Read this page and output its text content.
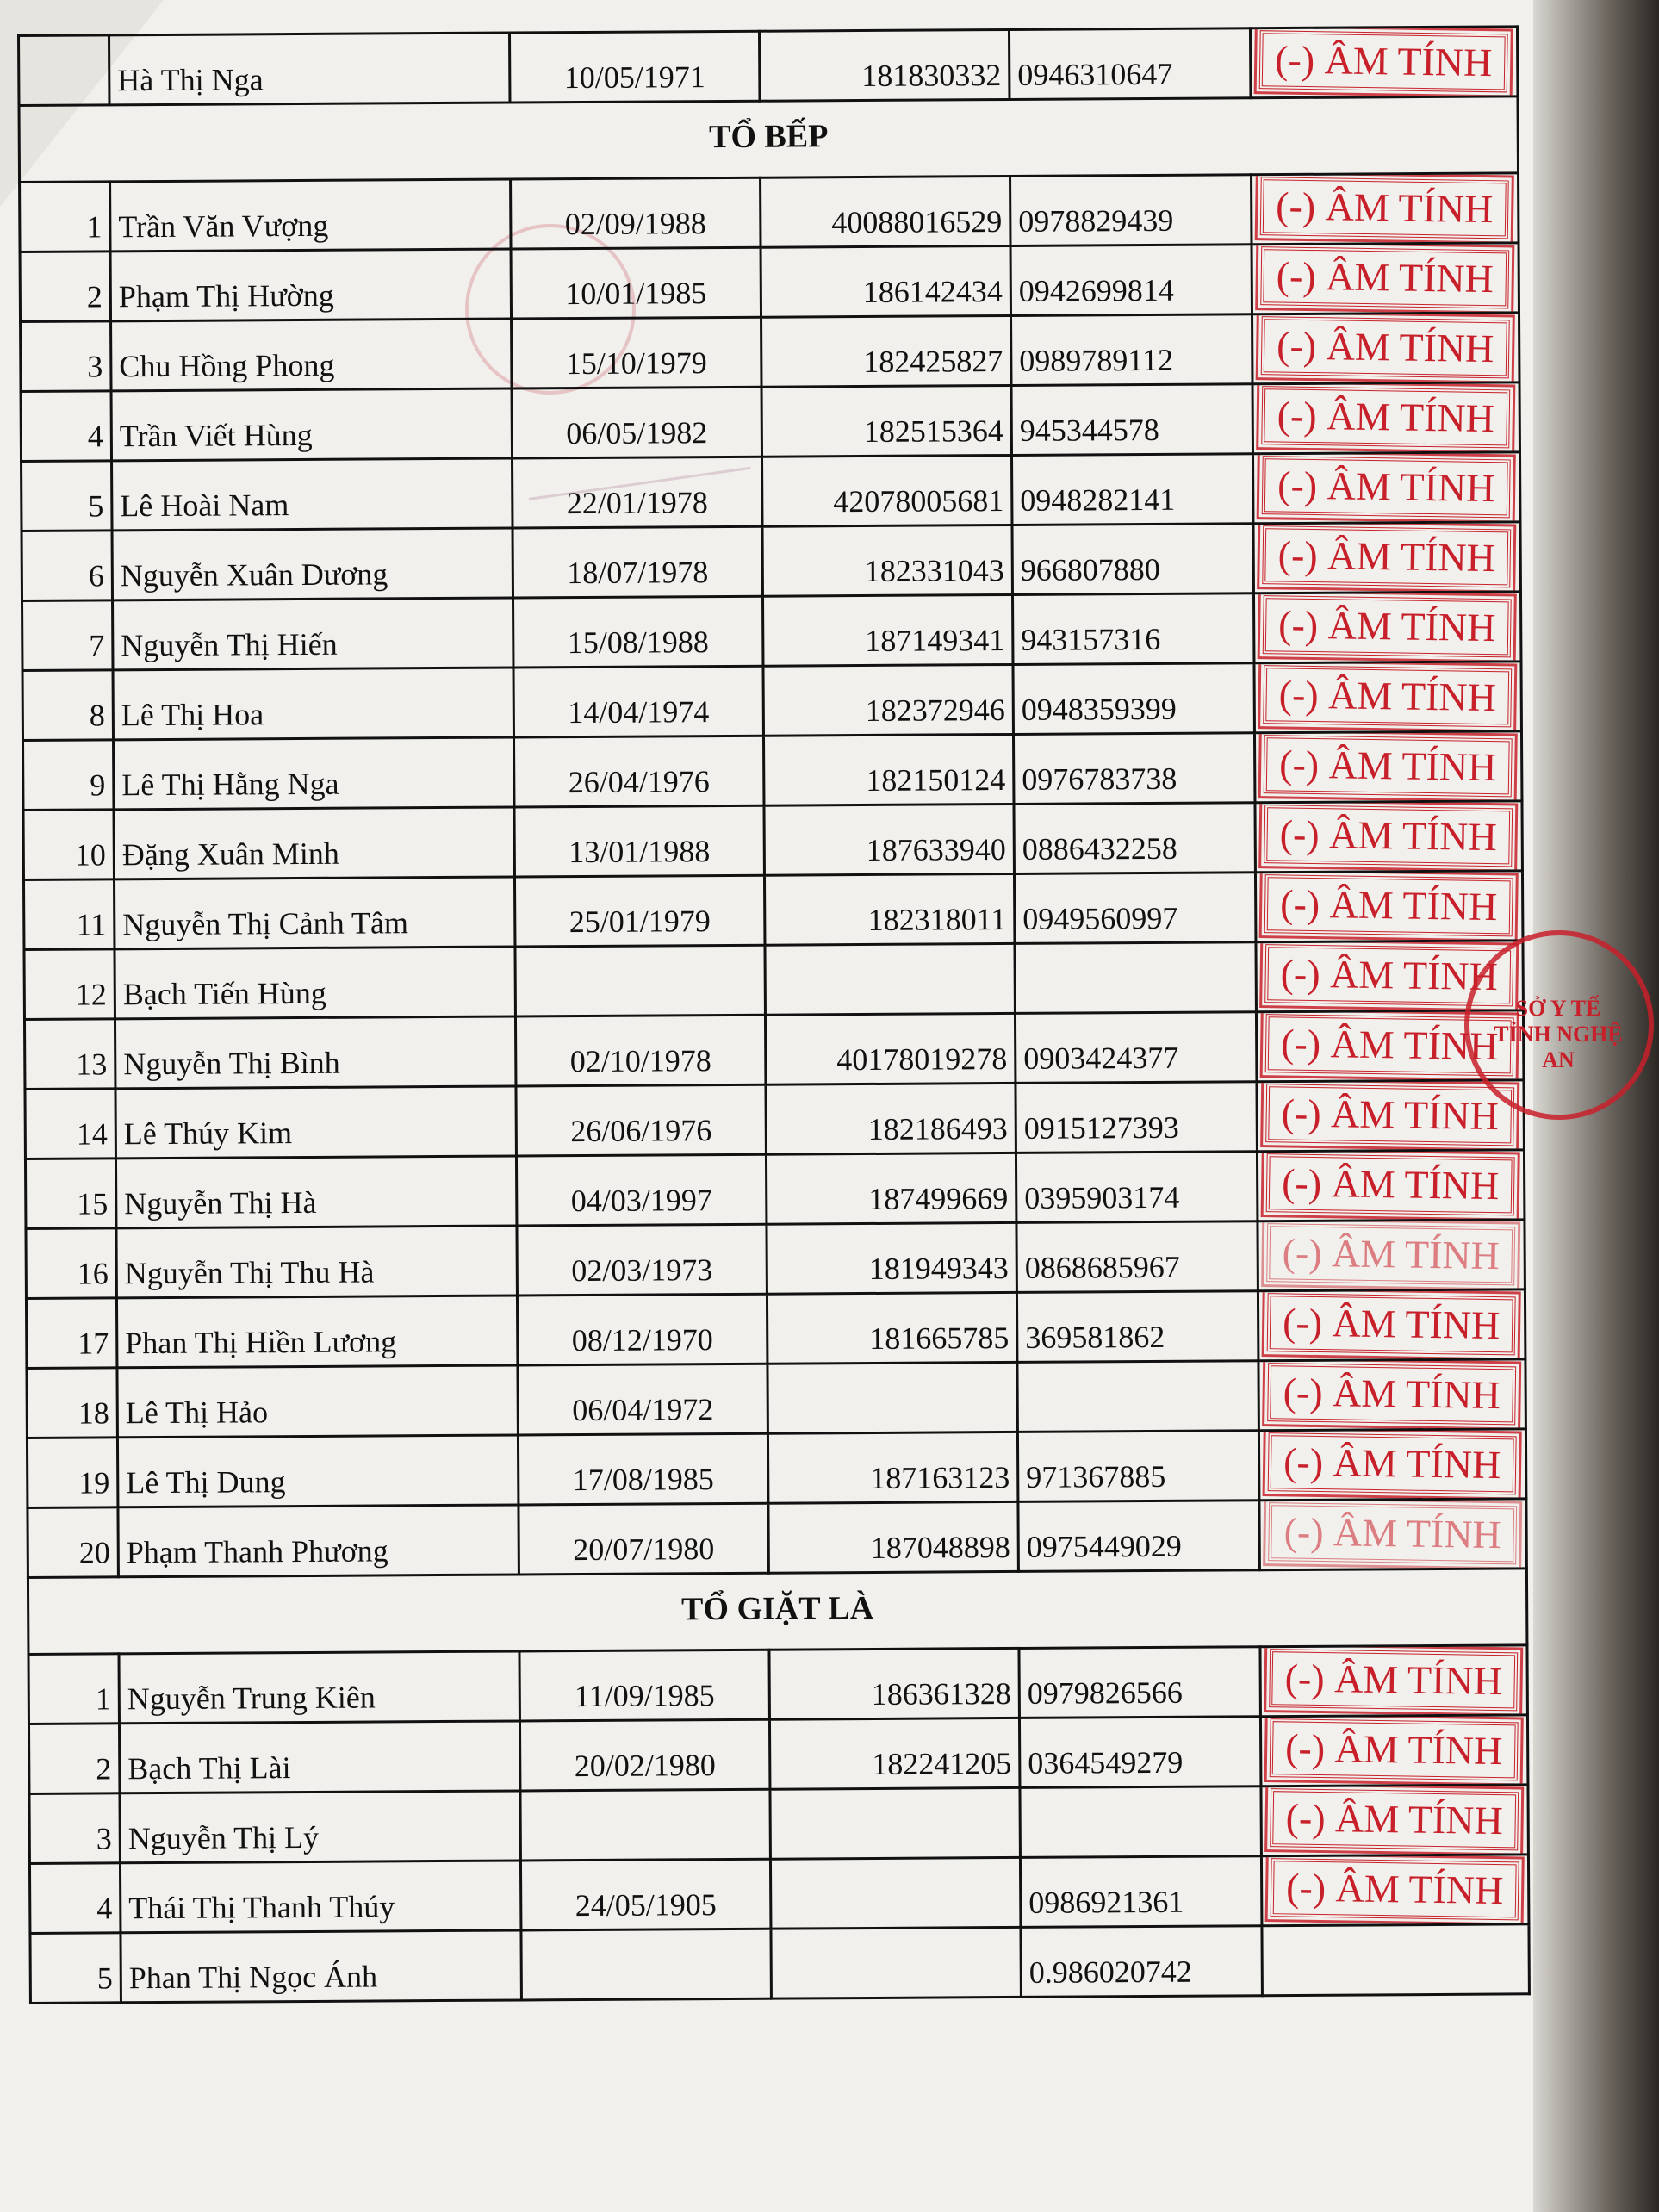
	Hà Thị Nga	10/05/1971	181830332	0946310647	(-) ÂM TÍNH
TỔ BẾP					
1	Trần Văn Vượng	02/09/1988	40088016529	0978829439	(-) ÂM TÍNH
2	Phạm Thị Hường	10/01/1985	186142434	0942699814	(-) ÂM TÍNH
3	Chu Hồng Phong	15/10/1979	182425827	0989789112	(-) ÂM TÍNH
4	Trần Viết Hùng	06/05/1982	182515364	945344578	(-) ÂM TÍNH
5	Lê Hoài Nam	22/01/1978	42078005681	0948282141	(-) ÂM TÍNH
6	Nguyễn Xuân Dương	18/07/1978	182331043	966807880	(-) ÂM TÍNH
7	Nguyễn Thị Hiến	15/08/1988	187149341	943157316	(-) ÂM TÍNH
8	Lê Thị Hoa	14/04/1974	182372946	0948359399	(-) ÂM TÍNH
9	Lê Thị Hằng Nga	26/04/1976	182150124	0976783738	(-) ÂM TÍNH
10	Đặng Xuân Minh	13/01/1988	187633940	0886432258	(-) ÂM TÍNH
11	Nguyễn Thị Cảnh Tâm	25/01/1979	182318011	0949560997	(-) ÂM TÍNH
12	Bạch Tiến Hùng				(-) ÂM TÍNH
13	Nguyễn Thị Bình	02/10/1978	40178019278	0903424377	(-) ÂM TÍNH
14	Lê Thúy Kim	26/06/1976	182186493	0915127393	(-) ÂM TÍNH
15	Nguyễn Thị Hà	04/03/1997	187499669	0395903174	(-) ÂM TÍNH
16	Nguyễn Thị Thu Hà	02/03/1973	181949343	0868685967	(-) ÂM TÍNH
17	Phan Thị Hiền Lương	08/12/1970	181665785	369581862	(-) ÂM TÍNH
18	Lê Thị Hảo	06/04/1972			(-) ÂM TÍNH
19	Lê Thị Dung	17/08/1985	187163123	971367885	(-) ÂM TÍNH
20	Phạm Thanh Phương	20/07/1980	187048898	0975449029	(-) ÂM TÍNH
TỔ GIẶT LÀ					
1	Nguyễn Trung Kiên	11/09/1985	186361328	0979826566	(-) ÂM TÍNH
2	Bạch Thị Lài	20/02/1980	182241205	0364549279	(-) ÂM TÍNH
3	Nguyễn Thị Lý				(-) ÂM TÍNH
4	Thái Thị Thanh Thúy	24/05/1905		0986921361	(-) ÂM TÍNH
5	Phan Thị Ngọc Ánh			0.986020742	
SỞ Y TẾ TỈNH NGHỆ AN
